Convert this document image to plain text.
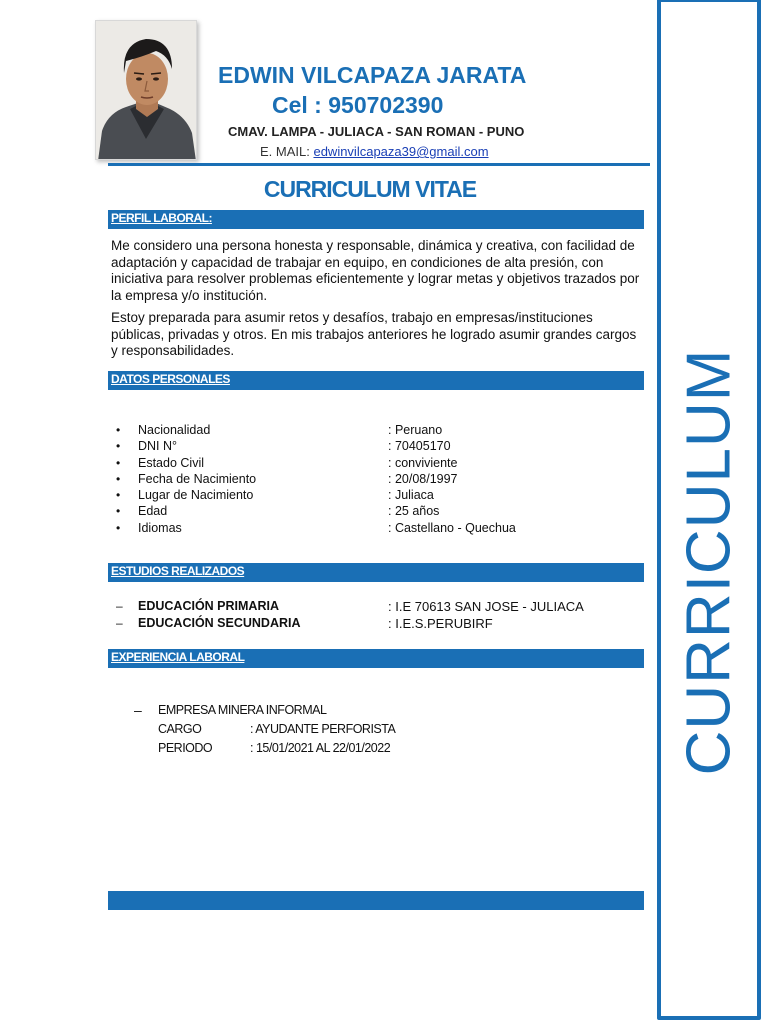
CURRICULUM
EDWIN VILCAPAZA JARATA
Cel : 950702390
CMAV. LAMPA - JULIACA - SAN ROMAN - PUNO
E. MAIL: edwinvilcapaza39@gmail.com
CURRICULUM VITAE
PERFIL LABORAL:
Me considero una persona honesta y responsable, dinámica y creativa, con facilidad de adaptación y capacidad de trabajar en equipo, en condiciones de alta presión, con iniciativa para resolver problemas eficientemente y lograr metas y objetivos trazados por la empresa y/o institución.
Estoy preparada para asumir retos y desafíos, trabajo en empresas/instituciones públicas, privadas y otros. En mis trabajos anteriores he logrado asumir grandes cargos y responsabilidades.
DATOS PERSONALES
• Nacionalidad	: Peruano
• DNI N°	: 70405170
• Estado Civil	: conviviente
• Fecha de Nacimiento	: 20/08/1997
• Lugar de Nacimiento	: Juliaca
• Edad	: 25 años
• Idiomas	: Castellano - Quechua
ESTUDIOS REALIZADOS
– EDUCACIÓN PRIMARIA	: I.E 70613 SAN JOSE - JULIACA
– EDUCACIÓN SECUNDARIA	: I.E.S.PERUBIRF
EXPERIENCIA LABORAL
– EMPRESA MINERA INFORMAL
CARGO	: AYUDANTE PERFORISTA
PERIODO	: 15/01/2021 AL 22/01/2022
